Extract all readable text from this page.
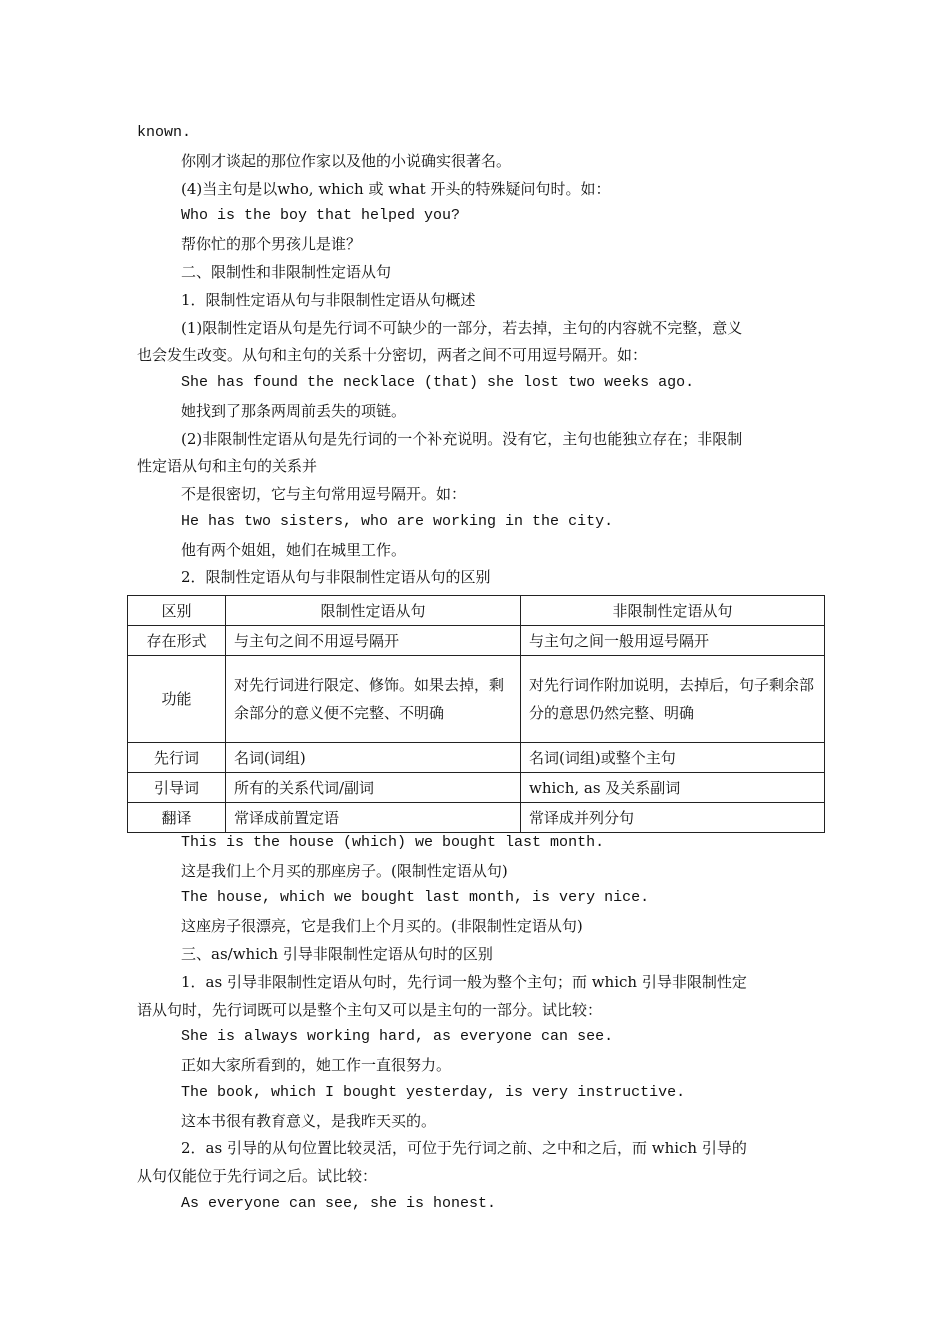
known.
你刚才谈起的那位作家以及他的小说确实很著名。
(4)当主句是以who, which 或 what 开头的特殊疑问句时。如：
Who is the boy that helped you?
帮你忙的那个男孩儿是谁？
二、限制性和非限制性定语从句
1．限制性定语从句与非限制性定语从句概述
(1)限制性定语从句是先行词不可缺少的一部分，若去掉，主句的内容就不完整，意义
也会发生改变。从句和主句的关系十分密切，两者之间不可用逗号隔开。如：
She has found the necklace (that) she lost two weeks ago.
她找到了那条两周前丢失的项链。
(2)非限制性定语从句是先行词的一个补充说明。没有它，主句也能独立存在；非限制
性定语从句和主句的关系并
不是很密切，它与主句常用逗号隔开。如：
He has two sisters, who are working in the city.
他有两个姐姐，她们在城里工作。
2．限制性定语从句与非限制性定语从句的区别
区别	限制性定语从句	非限制性定语从句
存在形式	与主句之间不用逗号隔开	与主句之间一般用逗号隔开
功能	对先行词进行限定、修饰。如果去掉，剩余部分的意义便不完整、不明确	对先行词作附加说明，去掉后，句子剩余部分的意思仍然完整、明确
先行词	名词(词组)	名词(词组)或整个主句
引导词	所有的关系代词/副词	which, as 及关系副词
翻译	常译成前置定语	常译成并列分句
This is the house (which) we bought last month.
这是我们上个月买的那座房子。(限制性定语从句)
The house, which we bought last month, is very nice.
这座房子很漂亮，它是我们上个月买的。(非限制性定语从句)
三、as/which 引导非限制性定语从句时的区别
1．as 引导非限制性定语从句时，先行词一般为整个主句；而 which 引导非限制性定
语从句时，先行词既可以是整个主句又可以是主句的一部分。试比较：
She is always working hard, as everyone can see.
正如大家所看到的，她工作一直很努力。
The book, which I bought yesterday, is very instructive.
这本书很有教育意义，是我昨天买的。
2．as 引导的从句位置比较灵活，可位于先行词之前、之中和之后，而 which 引导的
从句仅能位于先行词之后。试比较：
As everyone can see, she is honest.
